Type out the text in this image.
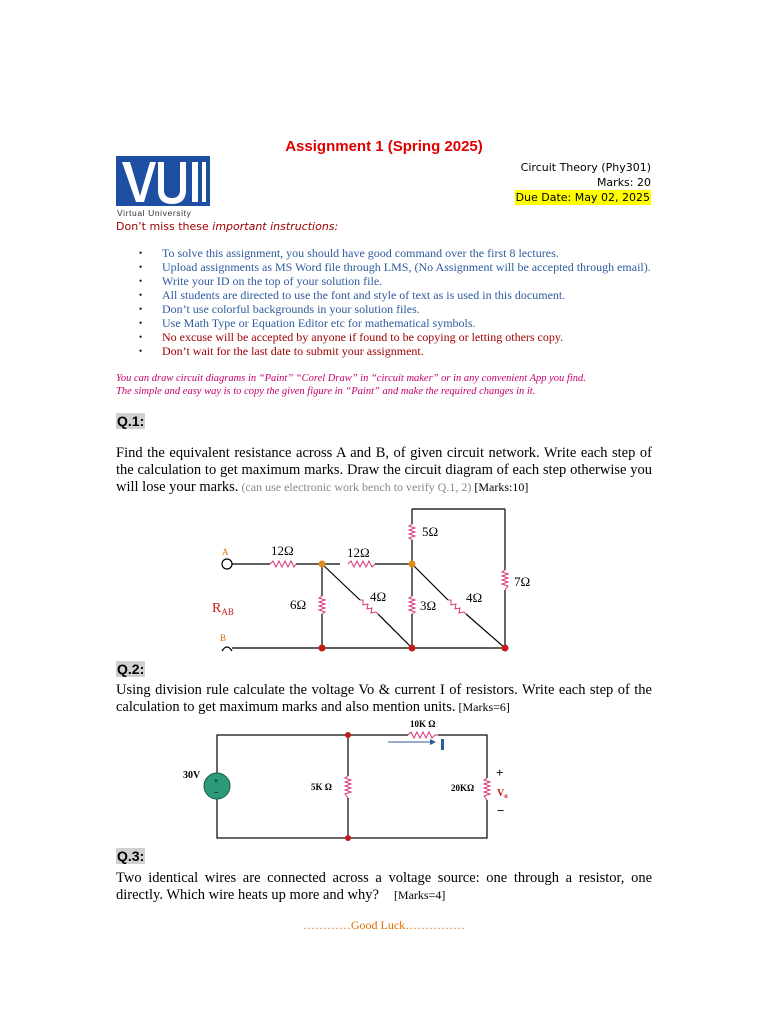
Assignment 1 (Spring 2025)
Virtual University
Circuit Theory (Phy301)
Marks: 20
Due Date: May 02, 2025
Don’t miss these important instructions:
• To solve this assignment, you should have good command over the first 8 lectures.
• Upload assignments as MS Word file through LMS, (No Assignment will be accepted through email).
• Write your ID on the top of your solution file.
• All students are directed to use the font and style of text as is used in this document.
• Don’t use colorful backgrounds in your solution files.
• Use Math Type or Equation Editor etc for mathematical symbols.
• No excuse will be accepted by anyone if found to be copying or letting others copy.
• Don’t wait for the last date to submit your assignment.
You can draw circuit diagrams in “Paint” “Corel Draw” in “circuit maker” or in any convenient App you find.
The simple and easy way is to copy the given figure in “Paint” and make the required changes in it.
Q.1:
Find the equivalent resistance across A and B, of given circuit network. Write each step of the calculation to get maximum marks. Draw the circuit diagram of each step otherwise you will lose your marks. (can use electronic work bench to verify Q.1, 2) [Marks:10]
A
B
$R_{AB}$
12Ω	12Ω
6Ω
4Ω
3Ω
4Ω
5Ω
7Ω
+
−
30V
10K Ω
5K Ω	20KΩ
+
−
$V_o$
Q.2:
Using division rule calculate the voltage Vo & current I of resistors. Write each step of the calculation to get maximum marks and also mention units. [Marks=6]
Q.3:
Two identical wires are connected across a voltage source: one through a resistor, one directly. Which wire heats up more and why?     [Marks=4]
…………Good Luck……………
